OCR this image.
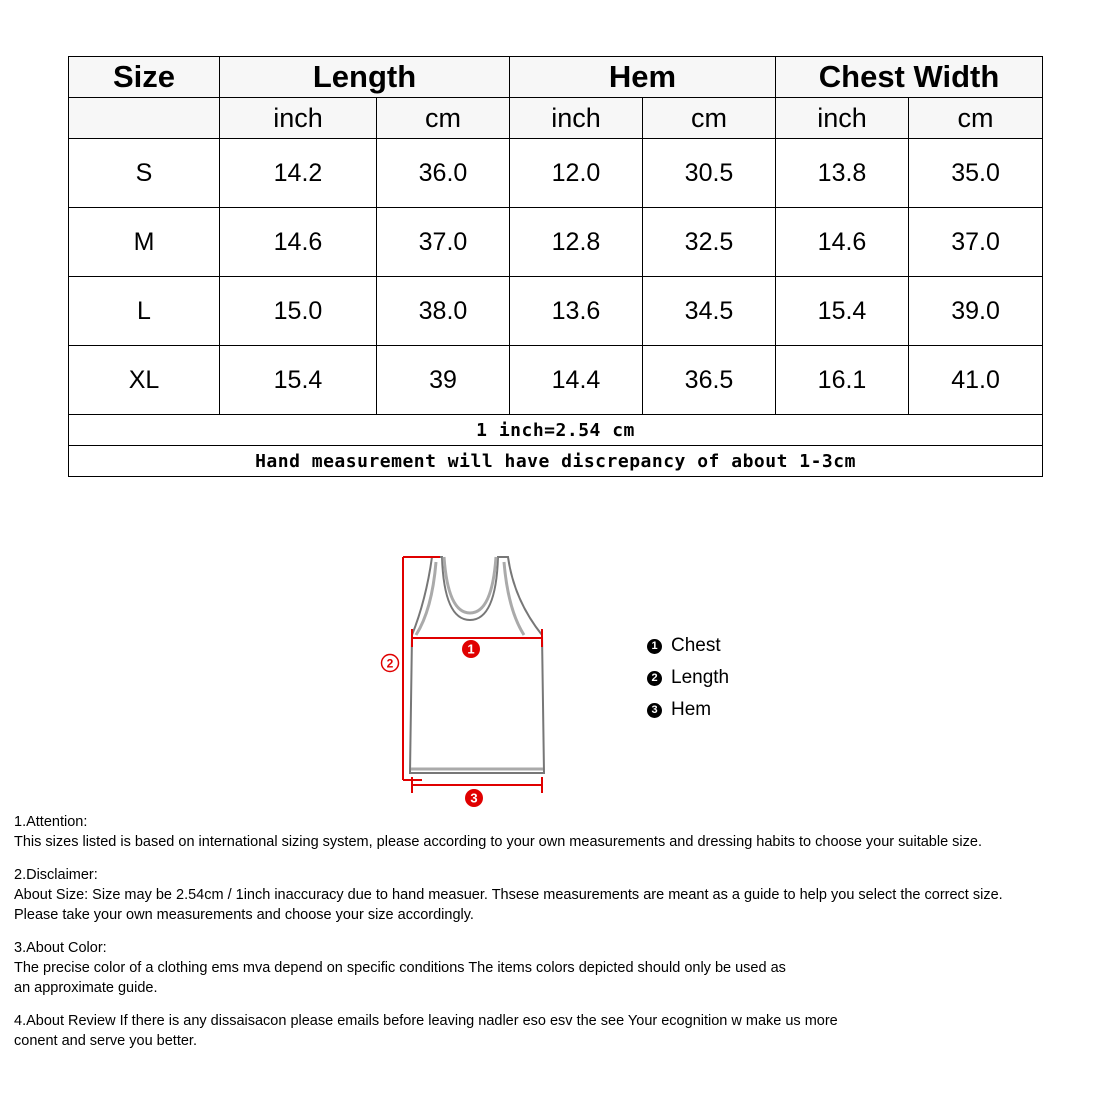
Size	Length		Hem		Chest Width	
	inch	cm	inch	cm	inch	cm
S	14.2	36.0	12.0	30.5	13.8	35.0
M	14.6	37.0	12.8	32.5	14.6	37.0
L	15.0	38.0	13.6	34.5	15.4	39.0
XL	15.4	39	14.4	36.5	16.1	41.0
1 inch=2.54 cm						
Hand measurement will have discrepancy of about 1-3cm						
1
2
3
1 Chest
2 Length
3 Hem

1.Attention:
This sizes listed is based on international sizing system, please according to your own measurements and dressing habits to choose your suitable size.

2.Disclaimer:
About Size: Size may be 2.54cm / 1inch inaccuracy due to hand measuer. Thsese measurements are meant as a guide to help you select the correct size.
Please take your own measurements and choose your size accordingly.

3.About Color:
The precise color of a clothing ems mva depend on specific conditions The items colors depicted should only be used as
an approximate guide.

4.About Review If there is any dissaisacon please emails before leaving nadler eso esv the see Your ecognition w make us more
conent and serve you better.
